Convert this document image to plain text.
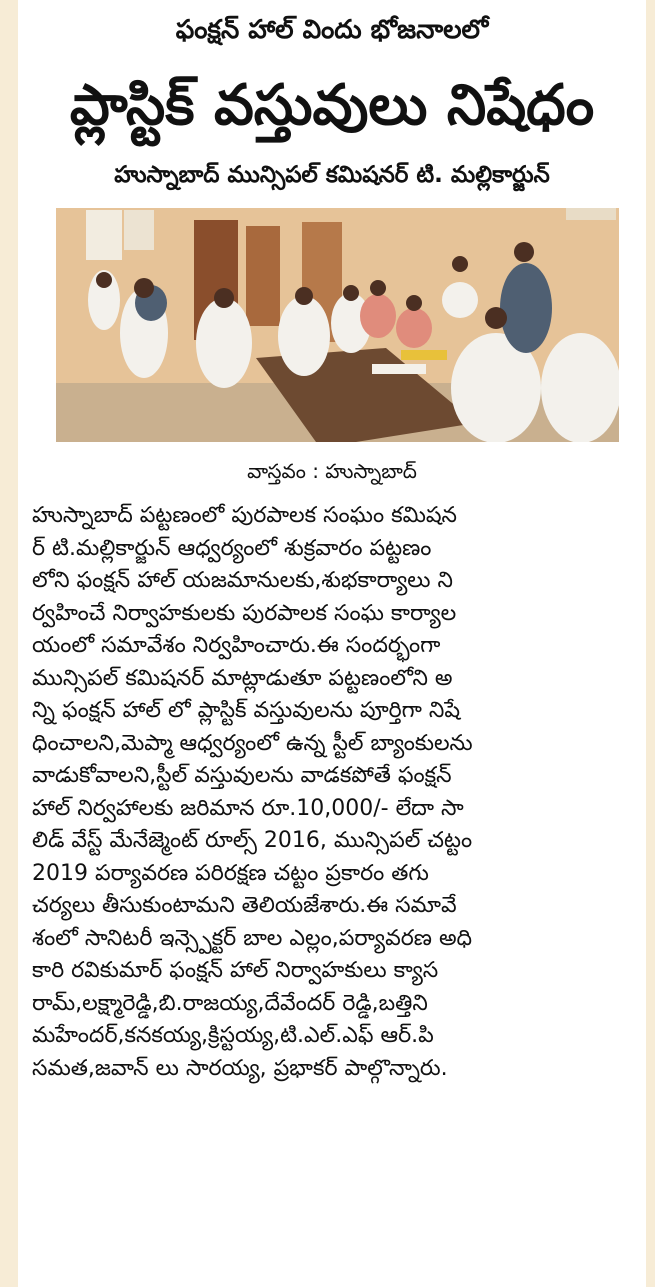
ఫంక్షన్ హాల్ విందు భోజనాలలో
ప్లాస్టిక్ వస్తువులు నిషేధం
హుస్నాబాద్ మున్సిపల్ కమిషనర్ టి. మల్లికార్జున్
వాస్తవం : హుస్నాబాద్
హుస్నాబాద్ పట్టణంలో పురపాలక సంఘం కమిషన
ర్ టి.మల్లికార్జున్ ఆధ్వర్యంలో శుక్రవారం పట్టణం
లోని ఫంక్షన్ హాల్ యజమానులకు,శుభకార్యాలు ని
ర్వహించే నిర్వాహకులకు పురపాలక సంఘ కార్యాల
యంలో సమావేశం నిర్వహించారు.ఈ సందర్భంగా
మున్సిపల్ కమిషనర్ మాట్లాడుతూ పట్టణంలోని అ
న్ని ఫంక్షన్ హాల్ లో ప్లాస్టిక్ వస్తువులను పూర్తిగా నిషే
ధించాలని,మెప్మా ఆధ్వర్యంలో ఉన్న స్టీల్ బ్యాంకులను
వాడుకోవాలని,స్టీల్ వస్తువులను వాడకపోతే ఫంక్షన్
హాల్ నిర్వహాలకు జరిమాన రూ.10,000/- లేదా సా
లిడ్ వేస్ట్ మేనేజ్మెంట్ రూల్స్ 2016, మున్సిపల్ చట్టం
2019 పర్యావరణ పరిరక్షణ చట్టం ప్రకారం తగు
చర్యలు తీసుకుంటామని తెలియజేశారు.ఈ సమావే
శంలో సానిటరీ ఇన్స్పెక్టర్ బాల ఎల్లం,పర్యావరణ అధి
కారి రవికుమార్ ఫంక్షన్ హాల్ నిర్వాహకులు క్యాస
రామ్,లక్ష్మారెడ్డి,బి.రాజయ్య,దేవేందర్ రెడ్డి,బత్తిని
మహేందర్,కనకయ్య,క్రిస్టయ్య,టి.ఎల్.ఎఫ్ ఆర్.పి
సమత,జవాన్ లు సారయ్య, ప్రభాకర్ పాల్గొన్నారు.
